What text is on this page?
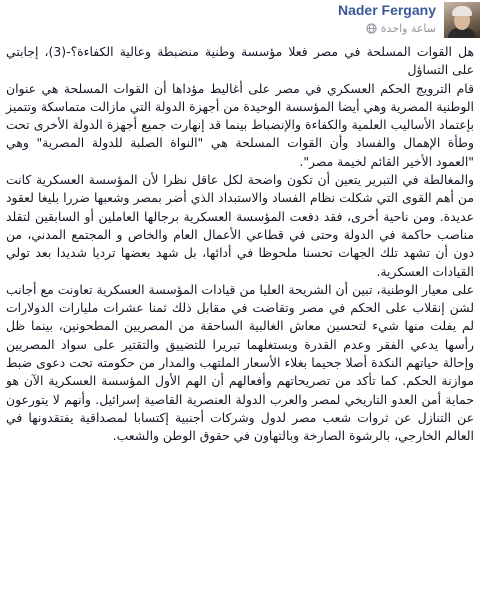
Nader Fergany
ساعة واحدة

هل القوات المسلحة في مصر فعلا مؤسسة وطنية منضبطة وعالية الكفاءة؟-(3)، إجابتي على التساؤل

قام الترويج الحكم العسكري في مصر على أغاليط مؤداها أن القوات المسلحة هي عنوان الوطنية المصرية وهي أيضا المؤسسة الوحيدة من أجهزة الدولة التي مازالت متماسكة وتتميز بإعتماد الأساليب العلمية والكفاءة والإنضباط بينما قد إنهارت جميع أجهزة الدولة الأخرى تحت وطأة الإهمال والفساد وأن القوات المسلحة هي "النواة الصلبة للدولة المصرية" وهي "العمود الأخير القائم لخيمة مصر".

والمغالطة في التبرير يتعين أن تكون واضحة لكل عاقل نظرا لأن المؤسسة العسكرية كانت من أهم القوى التي شكلت نظام الفساد والاستبداد الذي أضر بمصر وشعبها ضررا بليغا لعقود عديدة. ومن ناحية أخرى، فقد دفعت المؤسسة العسكرية برجالها العاملين أو السابقين لتقلد مناصب حاكمة في الدولة وحتى في قطاعي الأعمال العام والخاص و المجتمع المدني، من دون أن تشهد تلك الجهات تحسنا ملحوظا في أدائها، بل شهد بعضها ترديا شديدا بعد تولي القيادات العسكرية.

على معيار الوطنية، تبين أن الشريحة العليا من قيادات المؤسسة العسكرية تعاونت مع أجانب لشن إنقلاب على الحكم في مصر وتقاضت في مقابل ذلك ثمنا عشرات مليارات الدولارات لم يفلت منها شيء لتحسين معاش الغالبية الساحقة من المصريين المطحونين، بينما ظل رأسها يدعي الفقر وعدم القدرة ويستغلهما تبريرا للتضييق والتقتير على سواد المصريين وإحالة حياتهم النكدة أصلا جحيما بغلاء الأسعار الملتهب والمدار من حكومته تحت دعوى ضبط موازنة الحكم. كما تأكد من تصريحاتهم وأفعالهم أن الهم الأول المؤسسة العسكرية الآن هو حماية أمن العدو التاريخي لمصر والعرب الدولة العنصرية القاصية إسرائيل. وأنهم لا يتورعون عن التنازل عن ثروات شعب مصر لدول وشركات أجنبية إكتسابا لمصداقية يفتقدونها في العالم الخارجي، بالرشوة الصارخة وبالتهاون في حقوق الوطن والشعب.
